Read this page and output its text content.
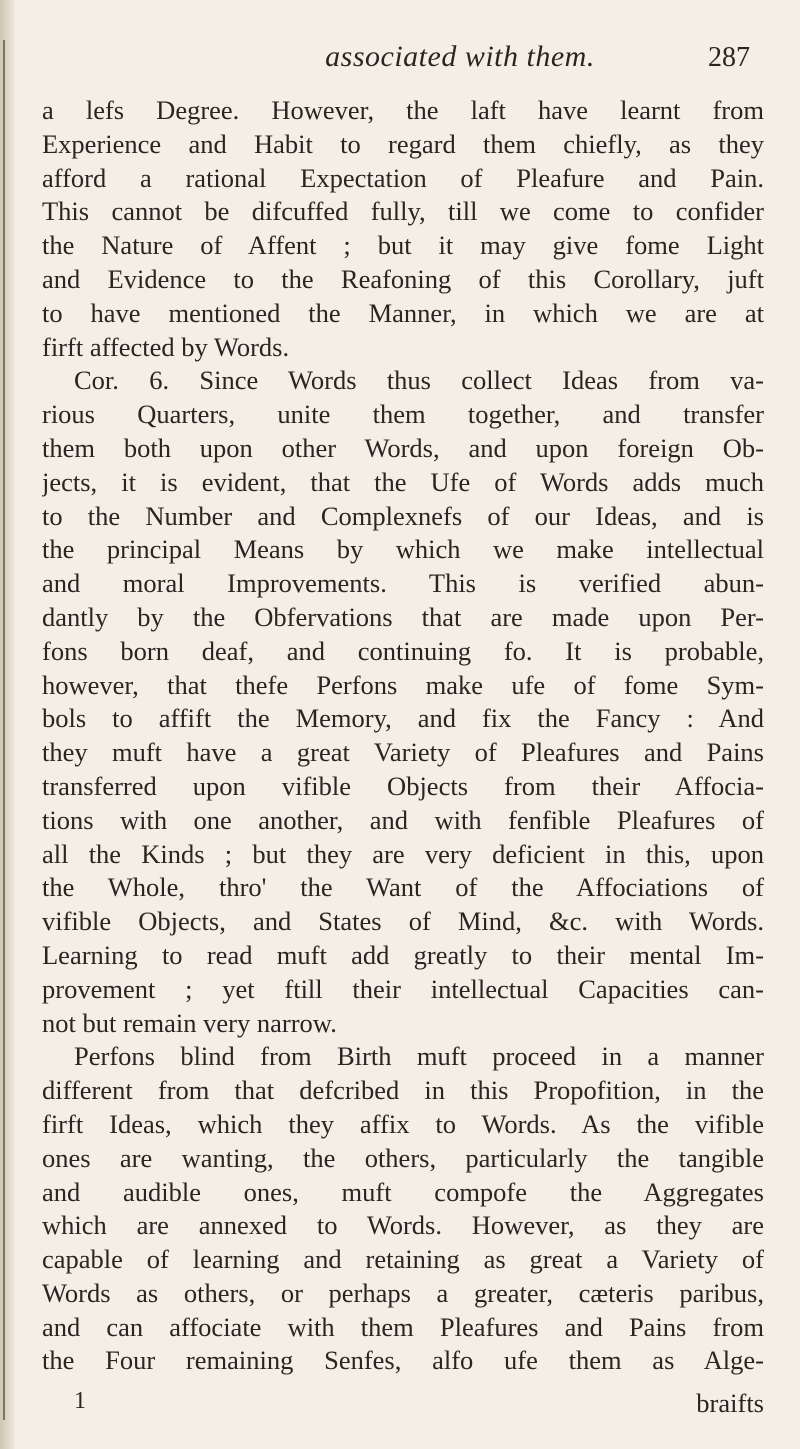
associated with them.	287
a lefs Degree. However, the laft have learnt from
Experience and Habit to regard them chiefly, as they
afford a rational Expectation of Pleafure and Pain.
This cannot be difcuffed fully, till we come to confider
the Nature of Affent ; but it may give fome Light
and Evidence to the Reafoning of this Corollary, juft
to have mentioned the Manner, in which we are at
firft affected by Words.
Cor. 6. Since Words thus collect Ideas from va-
rious Quarters, unite them together, and transfer
them both upon other Words, and upon foreign Ob-
jects, it is evident, that the Ufe of Words adds much
to the Number and Complexnefs of our Ideas, and is
the principal Means by which we make intellectual
and moral Improvements. This is verified abun-
dantly by the Obfervations that are made upon Per-
fons born deaf, and continuing fo. It is probable,
however, that thefe Perfons make ufe of fome Sym-
bols to affift the Memory, and fix the Fancy : And
they muft have a great Variety of Pleafures and Pains
transferred upon vifible Objects from their Affocia-
tions with one another, and with fenfible Pleafures of
all the Kinds ; but they are very deficient in this, upon
the Whole, thro' the Want of the Affociations of
vifible Objects, and States of Mind, &c. with Words.
Learning to read muft add greatly to their mental Im-
provement ; yet ftill their intellectual Capacities can-
not but remain very narrow.
Perfons blind from Birth muft proceed in a manner
different from that defcribed in this Propofition, in the
firft Ideas, which they affix to Words. As the vifible
ones are wanting, the others, particularly the tangible
and audible ones, muft compofe the Aggregates
which are annexed to Words. However, as they are
capable of learning and retaining as great a Variety of
Words as others, or perhaps a greater, cæteris paribus,
and can affociate with them Pleafures and Pains from
the Four remaining Senfes, alfo ufe them as Alge-
1	braifts
